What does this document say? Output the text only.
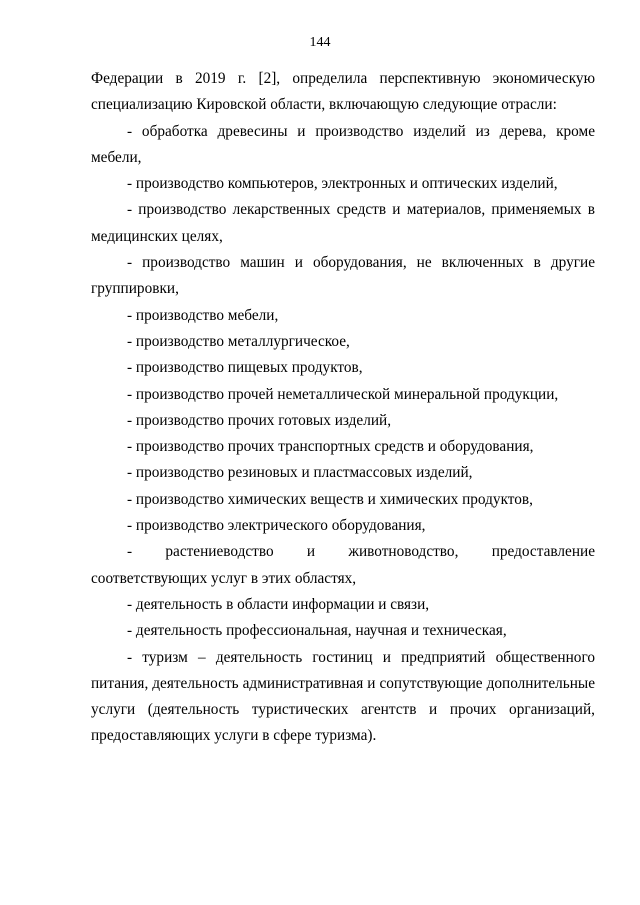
144

Федерации в 2019 г. [2], определила перспективную экономическую специализацию Кировской области, включающую следующие отрасли:

- обработка древесины и производство изделий из дерева, кроме мебели,

- производство компьютеров, электронных и оптических изделий,

- производство лекарственных средств и материалов, применяемых в медицинских целях,

- производство машин и оборудования, не включенных в другие группировки,

- производство мебели,

- производство металлургическое,

- производство пищевых продуктов,

- производство прочей неметаллической минеральной продукции,

- производство прочих готовых изделий,

- производство прочих транспортных средств и оборудования,

- производство резиновых и пластмассовых изделий,

- производство химических веществ и химических продуктов,

- производство электрического оборудования,

- растениеводство и животноводство, предоставление соответствующих услуг в этих областях,

- деятельность в области информации и связи,

- деятельность профессиональная, научная и техническая,

- туризм – деятельность гостиниц и предприятий общественного питания, деятельность административная и сопутствующие дополнительные услуги (деятельность туристических агентств и прочих организаций, предоставляющих услуги в сфере туризма).
